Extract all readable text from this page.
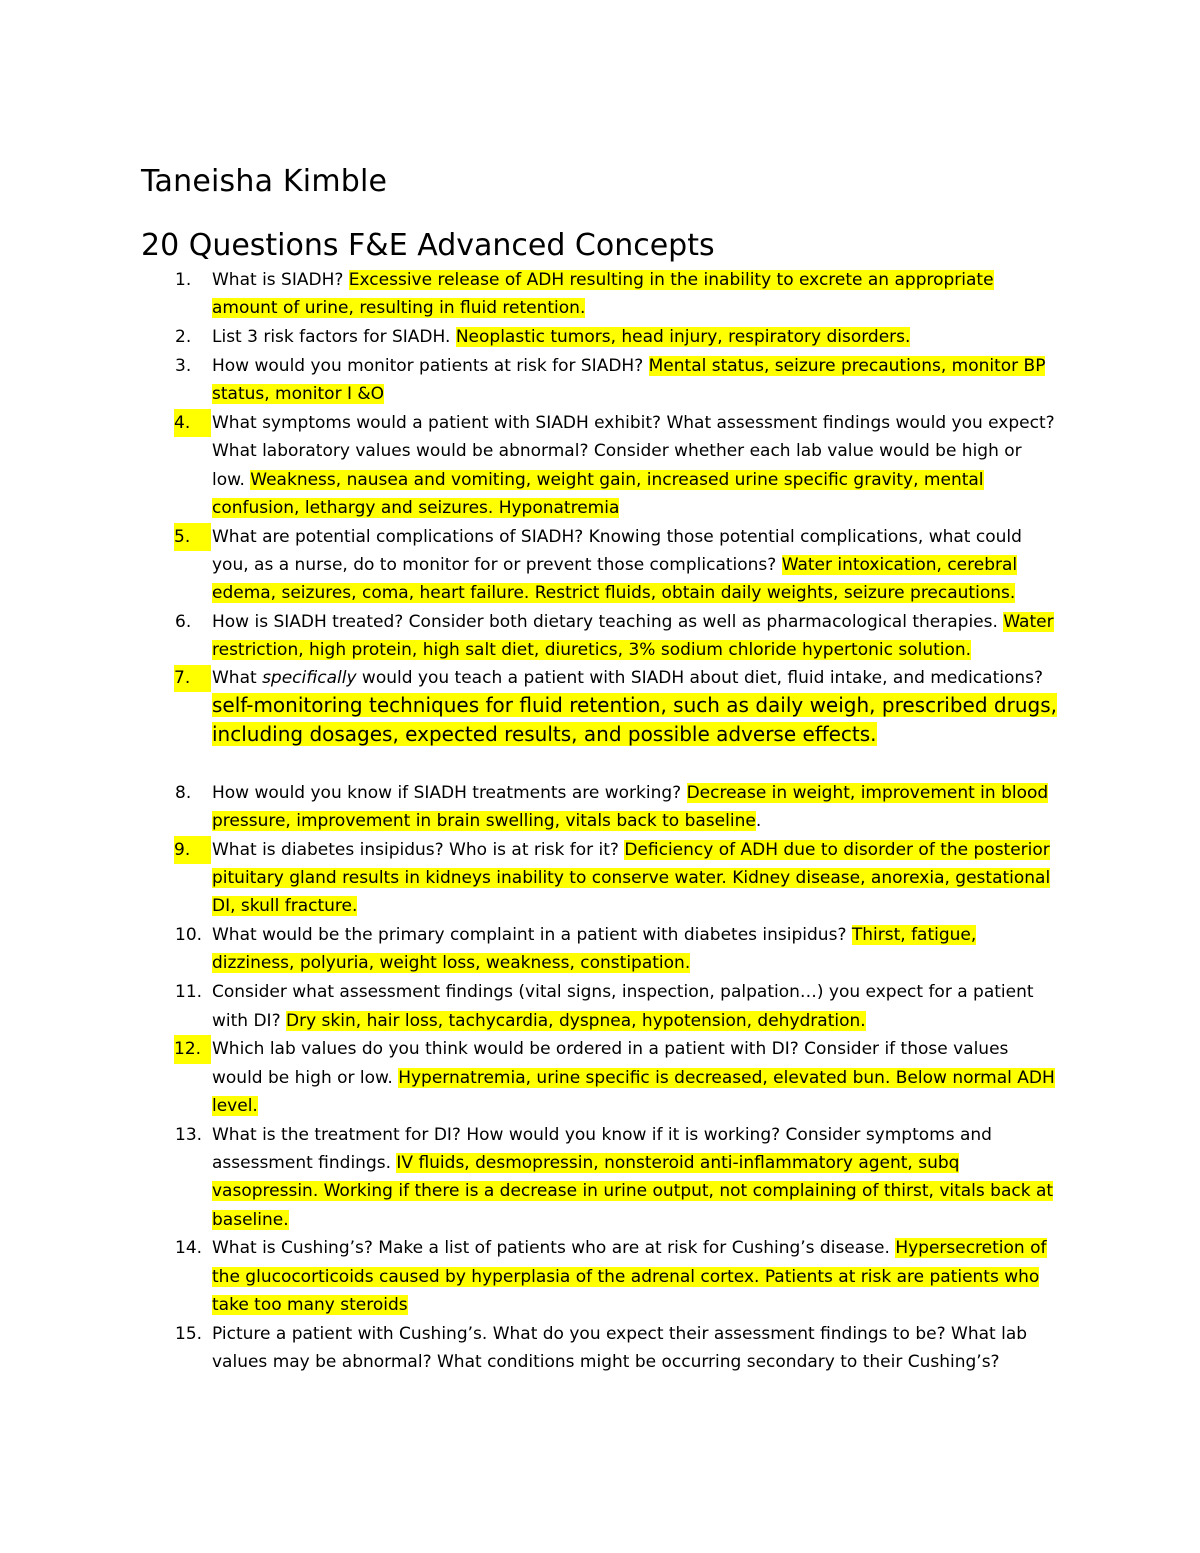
Taneisha Kimble
20 Questions F&E Advanced Concepts
1.	What is SIADH? Excessive release of ADH resulting in the inability to excrete an appropriate amount of urine, resulting in fluid retention.
2.	List 3 risk factors for SIADH. Neoplastic tumors, head injury, respiratory disorders.
3.	How would you monitor patients at risk for SIADH? Mental status, seizure precautions, monitor BP status, monitor I &O
4.	What symptoms would a patient with SIADH exhibit? What assessment findings would you expect? What laboratory values would be abnormal? Consider whether each lab value would be high or low. Weakness, nausea and vomiting, weight gain, increased urine specific gravity, mental confusion, lethargy and seizures. Hyponatremia
5.	What are potential complications of SIADH? Knowing those potential complications, what could you, as a nurse, do to monitor for or prevent those complications? Water intoxication, cerebral edema, seizures, coma, heart failure. Restrict fluids, obtain daily weights, seizure precautions.
6.	How is SIADH treated? Consider both dietary teaching as well as pharmacological therapies. Water restriction, high protein, high salt diet, diuretics, 3% sodium chloride hypertonic solution.
7.	What specifically would you teach a patient with SIADH about diet, fluid intake, and medications? self-monitoring techniques for fluid retention, such as daily weigh, prescribed drugs, including dosages, expected results, and possible adverse effects.
8.	How would you know if SIADH treatments are working? Decrease in weight, improvement in blood pressure, improvement in brain swelling, vitals back to baseline.
9.	What is diabetes insipidus? Who is at risk for it? Deficiency of ADH due to disorder of the posterior pituitary gland results in kidneys inability to conserve water. Kidney disease, anorexia, gestational DI, skull fracture.
10. What would be the primary complaint in a patient with diabetes insipidus? Thirst, fatigue, dizziness, polyuria, weight loss, weakness, constipation.
11. Consider what assessment findings (vital signs, inspection, palpation…) you expect for a patient with DI? Dry skin, hair loss, tachycardia, dyspnea, hypotension, dehydration.
12. Which lab values do you think would be ordered in a patient with DI? Consider if those values would be high or low. Hypernatremia, urine specific is decreased, elevated bun. Below normal ADH level.
13. What is the treatment for DI? How would you know if it is working? Consider symptoms and assessment findings. IV fluids, desmopressin, nonsteroid anti-inflammatory agent, subq vasopressin. Working if there is a decrease in urine output, not complaining of thirst, vitals back at baseline.
14. What is Cushing’s? Make a list of patients who are at risk for Cushing’s disease. Hypersecretion of the glucocorticoids caused by hyperplasia of the adrenal cortex. Patients at risk are patients who take too many steroids
15. Picture a patient with Cushing’s. What do you expect their assessment findings to be? What lab values may be abnormal? What conditions might be occurring secondary to their Cushing’s?
